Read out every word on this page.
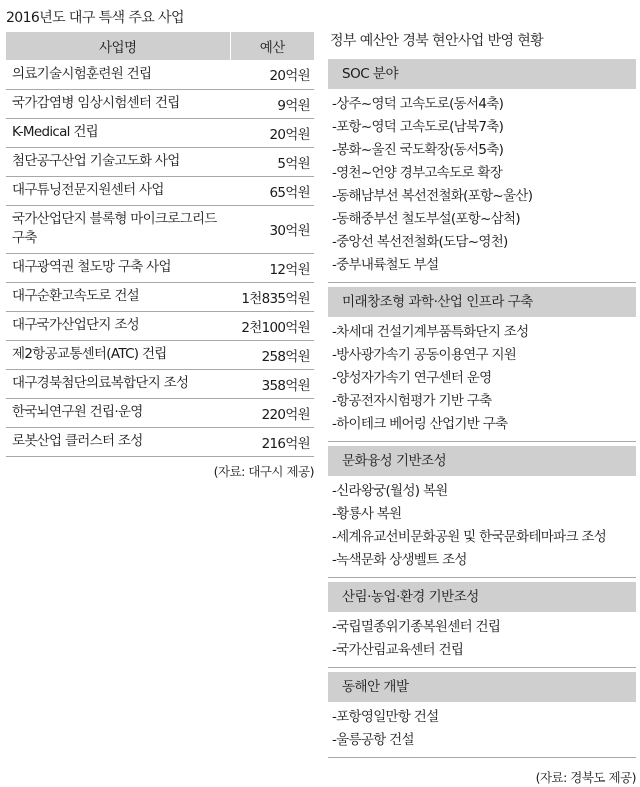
2016년도 대구 특색 주요 사업
사업명	예산
의료기술시험훈련원 건립	20억원
국가감염병 임상시험센터 건립	9억원
K-Medical 건립	20억원
첨단공구산업 기술고도화 사업	5억원
대구튜닝전문지원센터 사업	65억원
국가산업단지 블록형 마이크로그리드 구축	30억원
대구광역권 철도망 구축 사업	12억원
대구순환고속도로 건설	1천835억원
대구국가산업단지 조성	2천100억원
제2항공교통센터(ATC) 건립	258억원
대구경북첨단의료복합단지 조성	358억원
한국뇌연구원 건립·운영	220억원
로봇산업 클러스터 조성	216억원
(자료: 대구시 제공)
정부 예산안 경북 현안사업 반영 현황
SOC 분야
-상주~영덕 고속도로(동서4축)
-포항~영덕 고속도로(남북7축)
-봉화~울진 국도확장(동서5축)
-영천~언양 경부고속도로 확장
-동해남부선 복선전철화(포항~울산)
-동해중부선 철도부설(포항~삼척)
-중앙선 복선전철화(도담~영천)
-중부내륙철도 부설
미래창조형 과학·산업 인프라 구축
-차세대 건설기계부품특화단지 조성
-방사광가속기 공동이용연구 지원
-양성자가속기 연구센터 운영
-항공전자시험평가 기반 구축
-하이테크 베어링 산업기반 구축
문화융성 기반조성
-신라왕궁(월성) 복원
-황룡사 복원
-세계유교선비문화공원 및 한국문화테마파크 조성
-녹색문화 상생벨트 조성
산림·농업·환경 기반조성
-국립멸종위기종복원센터 건립
-국가산림교육센터 건립
동해안 개발
-포항영일만항 건설
-울릉공항 건설
(자료: 경북도 제공)
